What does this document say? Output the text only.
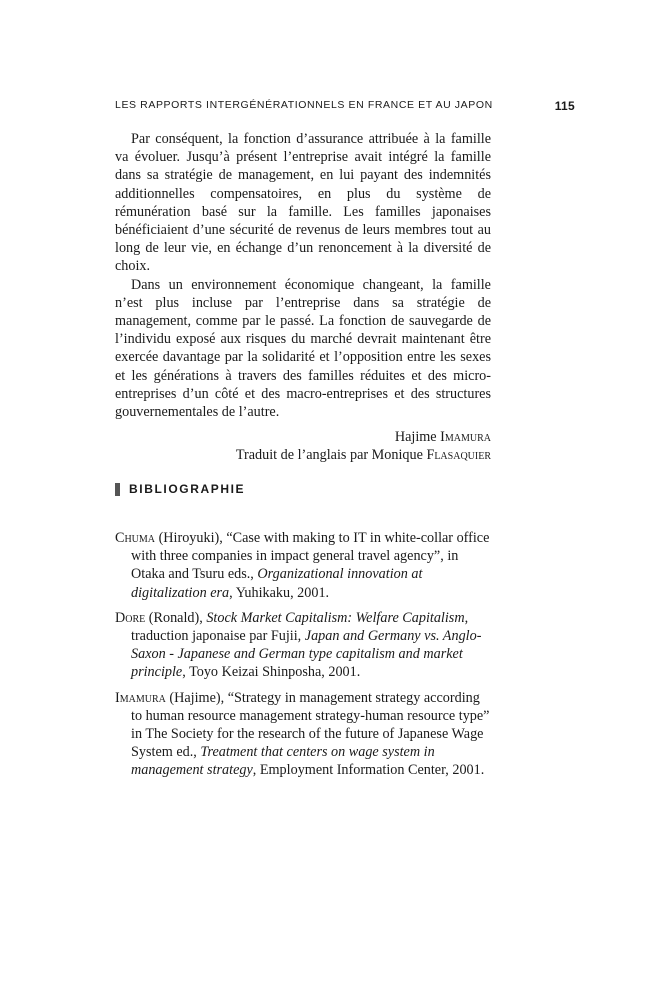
LES RAPPORTS INTERGÉNÉRATIONNELS EN FRANCE ET AU JAPON	115

Par conséquent, la fonction d’assurance attribuée à la famille va évoluer. Jusqu’à présent l’entreprise avait intégré la famille dans sa stratégie de management, en lui payant des indemnités additionnelles compensatoires, en plus du système de rémunération basé sur la famille. Les familles japonaises bénéficiaient d’une sécurité de revenus de leurs membres tout au long de leur vie, en échange d’un renoncement à la diversité de choix.

Dans un environnement économique changeant, la famille n’est plus incluse par l’entreprise dans sa stratégie de management, comme par le passé. La fonction de sauvegarde de l’individu exposé aux risques du marché devrait maintenant être exercée davantage par la solidarité et l’opposition entre les sexes et les générations à travers des familles réduites et des micro-entreprises d’un côté et des macro-entreprises et des structures gouvernementales de l’autre.

Hajime Imamura
Traduit de l’anglais par Monique Flasaquier
BIBLIOGRAPHIE
Chuma (Hiroyuki), “Case with making to IT in white-collar office with three companies in impact general travel agency”, in Otaka and Tsuru eds., Organizational innovation at digitalization era, Yuhikaku, 2001.
Dore (Ronald), Stock Market Capitalism: Welfare Capitalism, traduction japonaise par Fujii, Japan and Germany vs. Anglo-Saxon - Japanese and German type capitalism and market principle, Toyo Keizai Shinposha, 2001.
Imamura (Hajime), “Strategy in management strategy according to human resource management strategy-human resource type” in The Society for the research of the future of Japanese Wage System ed., Treatment that centers on wage system in management strategy, Employment Information Center, 2001.
